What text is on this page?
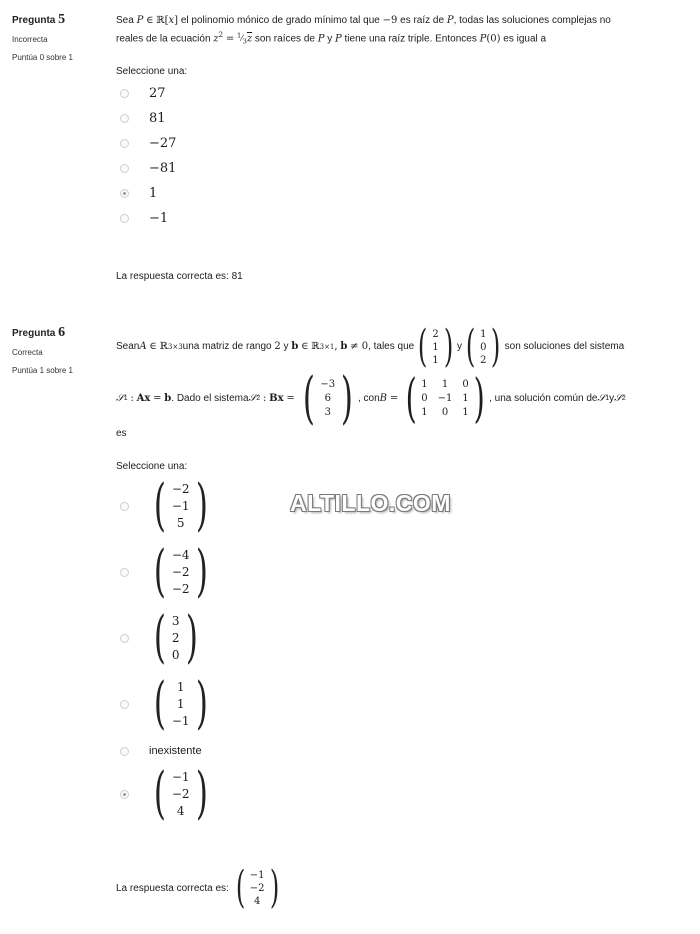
Pregunta 5
Incorrecta
Puntúa 0 sobre 1
Sea P ∈ ℝ[x] el polinomio mónico de grado mínimo tal que −9 es raíz de P, todas las soluciones complejas no
reales de la ecuación $z^2$ = $^1⁄_3\overline{z}$ son raíces de P y P tiene una raíz triple. Entonces P(0) es igual a
Seleccione una:
27
81
−27
−81
1
−1
La respuesta correcta es: 81
Pregunta 6
Correcta
Puntúa 1 sobre 1
Sean A
∈
ℝ 3×3 una matriz de rango
2
y
b
∈
ℝ 3×1 ,
b
≠ 0 , tales que ( 2
1
1 ) y ( 1
0
2 ) son soluciones del sistema
𝒮 1
:
Ax
=
b . Dado el sistema 𝒮 2
:
Bx
=
( −3
6
3 ) , con B
=
( 1	1	0
0 −1 1
1	0	1 ) , una solución común de 𝒮 1 y 𝒮 2
es
Seleccione una:
( −2
−1
5 )
( −4
−2
−2 )
( 3
2
0 )
( 1
1
−1 )
inexistente
( −1
−2
4 )
La respuesta correcta es:
( −1
−2
4 )
ALTILLO.COM
